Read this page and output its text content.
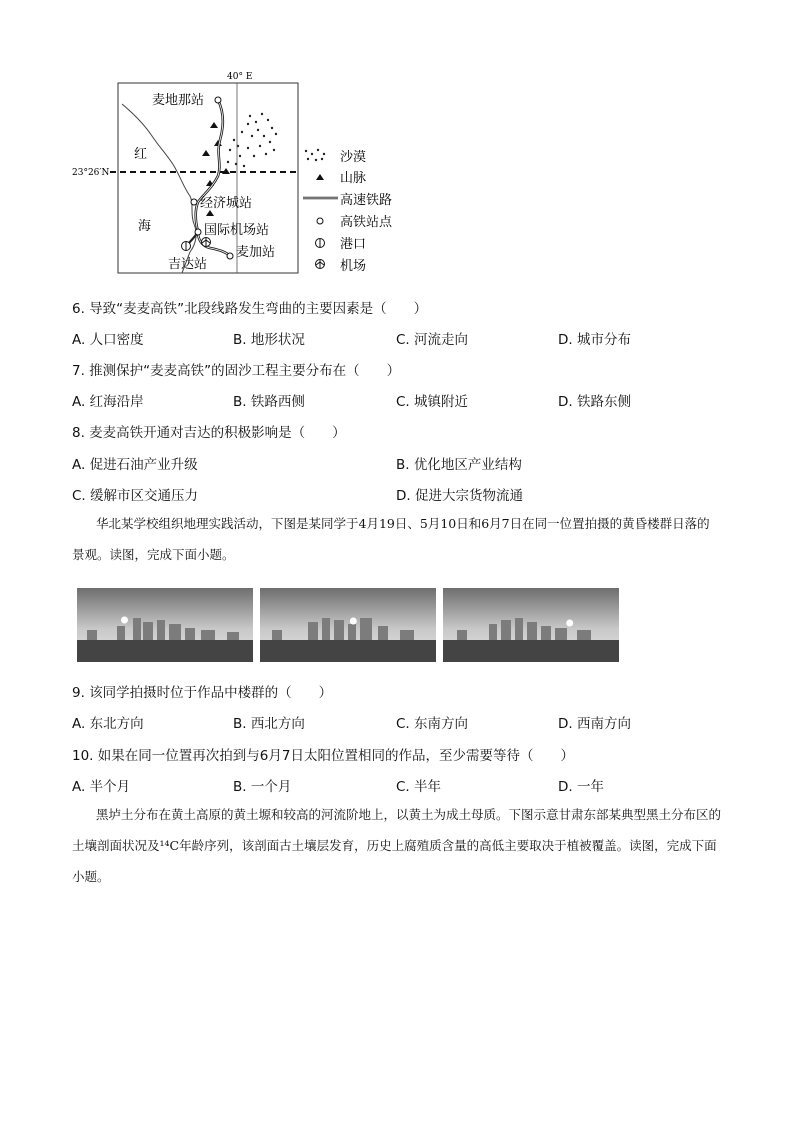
40° E
23°26′N
红
海
麦地那站
经济城站
国际机场站
麦加站
吉达站
沙漠
山脉
高速铁路
高铁站点
港口
机场
6. 导致“麦麦高铁”北段线路发生弯曲的主要因素是（　　）
A. 人口密度	B. 地形状况	C. 河流走向	D. 城市分布
7. 推测保护“麦麦高铁”的固沙工程主要分布在（　　）
A. 红海沿岸	B. 铁路西侧	C. 城镇附近	D. 铁路东侧
8. 麦麦高铁开通对吉达的积极影响是（　　）
A. 促进石油产业升级	B. 优化地区产业结构
C. 缓解市区交通压力	D. 促进大宗货物流通
华北某学校组织地理实践活动，下图是某同学于4月19日、5月10日和6月7日在同一位置拍摄的黄昏楼群日落的景观。读图，完成下面小题。
9. 该同学拍摄时位于作品中楼群的（　　）
A. 东北方向	B. 西北方向	C. 东南方向	D. 西南方向
10. 如果在同一位置再次拍到与6月7日太阳位置相同的作品，至少需要等待（　　）
A. 半个月	B. 一个月	C. 半年	D. 一年
黑垆土分布在黄土高原的黄土塬和较高的河流阶地上，以黄土为成土母质。下图示意甘肃东部某典型黑土分布区的土壤剖面状况及¹⁴C年龄序列，该剖面古土壤层发育，历史上腐殖质含量的高低主要取决于植被覆盖。读图，完成下面小题。
